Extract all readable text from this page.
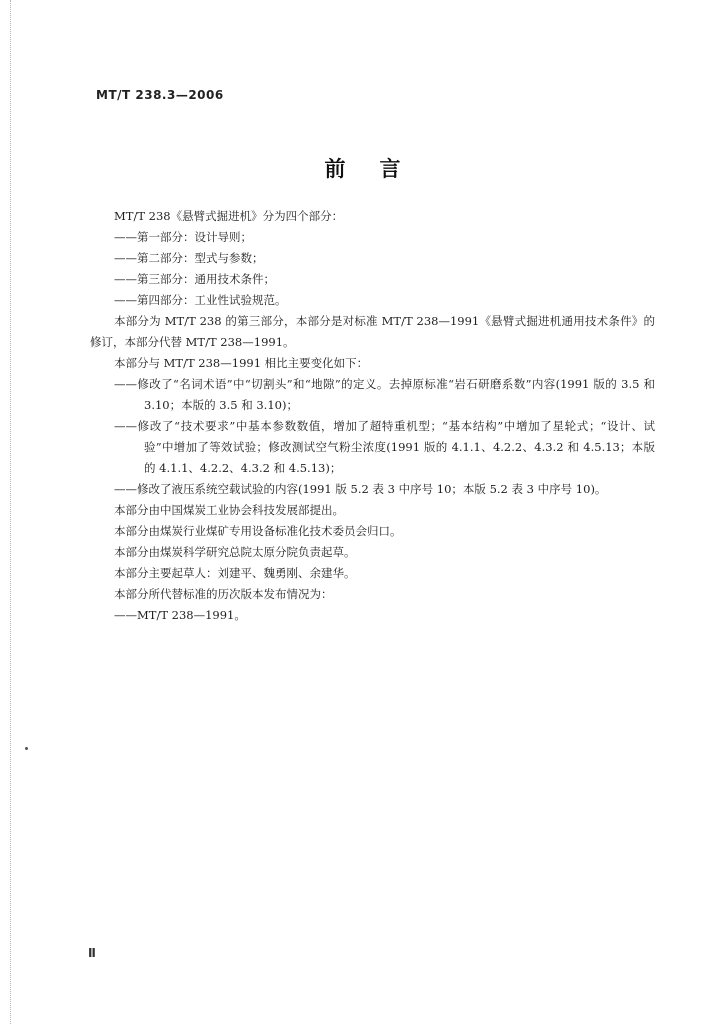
MT/T 238.3—2006
前言

MT/T 238《悬臂式掘进机》分为四个部分：

——第一部分：设计导则；

——第二部分：型式与参数；

——第三部分：通用技术条件；

——第四部分：工业性试验规范。

本部分为 MT/T 238 的第三部分，本部分是对标准 MT/T 238—1991《悬臂式掘进机通用技术条件》的修订，本部分代替 MT/T 238—1991。

本部分与 MT/T 238—1991 相比主要变化如下：

——修改了“名词术语”中“切割头”和“地隙”的定义。去掉原标准“岩石研磨系数”内容(1991 版的 3.5 和 3.10；本版的 3.5 和 3.10)；

——修改了“技术要求”中基本参数数值，增加了超特重机型；“基本结构”中增加了星轮式；“设计、试验”中增加了等效试验；修改测试空气粉尘浓度(1991 版的 4.1.1、4.2.2、4.3.2 和 4.5.13；本版的 4.1.1、4.2.2、4.3.2 和 4.5.13)；

——修改了液压系统空载试验的内容(1991 版 5.2 表 3 中序号 10；本版 5.2 表 3 中序号 10)。

本部分由中国煤炭工业协会科技发展部提出。

本部分由煤炭行业煤矿专用设备标准化技术委员会归口。

本部分由煤炭科学研究总院太原分院负责起草。

本部分主要起草人：刘建平、魏勇刚、余建华。

本部分所代替标准的历次版本发布情况为：

——MT/T 238—1991。

Ⅱ
